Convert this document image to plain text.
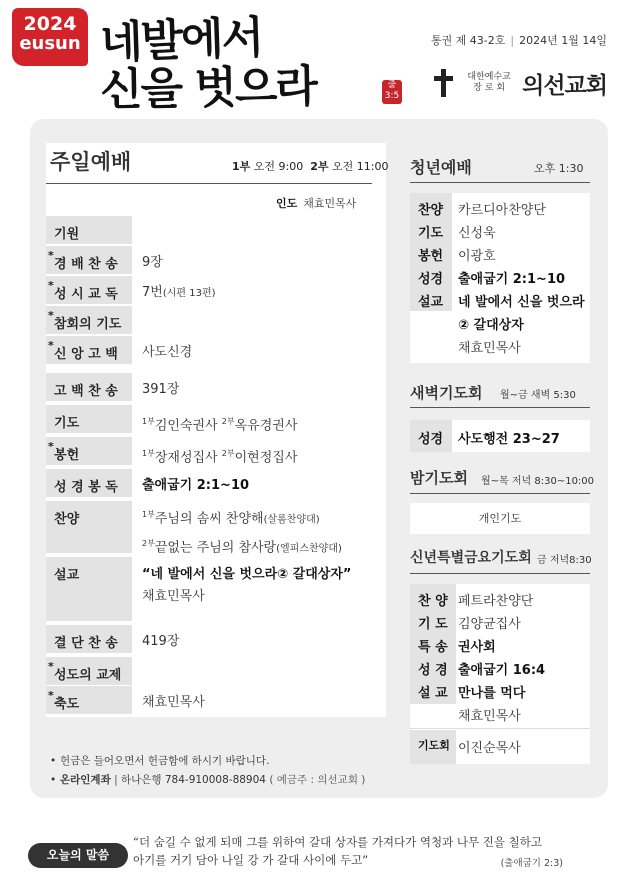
2024
eusun 네발에서
신을 벗으라	출3:5
통권 제 43-2호 | 2024년 1월 14일
대한예수교
장 로 회 의선교회
주일예배	1부 오전 9:00 2부 오전 11:00
인도 채효민목사
기원
*
경 배 찬 송	9장
*
성 시 교 독	7번(시편 13편)
*
참회의 기도
*
신 앙 고 백	사도신경
고 백 찬 송	391장
기도	$^{1부}$김인숙권사 $^{2부}$옥유경권사
*
봉헌	$^{1부}$장재성집사 $^{2부}$이현정집사
성 경 봉 독	출애굽기 2:1~10
찬양	$^{1부}$주님의 솜씨 찬양해(살롬찬양대)
$^{2부}$끝없는 주님의 참사랑(엘피스찬양대)
설교	“네 발에서 신을 벗으라② 갈대상자”
채효민목사
결 단 찬 송	419장
*
성도의 교제
*
축도	채효민목사
• 헌금은 들어오면서 헌금함에 하시기 바랍니다.
• 온라인계좌 | 하나은행 784-910008-88904 ( 예금주 : 의선교회 )
청년예배	오후 1:30
찬양 카르디아찬양단
기도 신성욱
봉헌 이광호
성경 출애굽기 2:1~10
설교 네 발에서 신을 벗으라
② 갈대상자
채효민목사
새벽기도회 월~금 새벽 5:30
성경 사도행전 23~27
밤기도회 월~목 저녁 8:30~10:00
개인기도
신년특별금요기도회 금 저녁8:30
찬 양 페트라찬양단
기 도 김양균집사
특 송 권사회
성 경 출애굽기 16:4
설 교 만나를 먹다
채효민목사
기도회 이진순목사
오늘의 말씀
“더 숨길 수 없게 되매 그를 위하여 갈대 상자를 가져다가 역청과 나무 진을 칠하고
아기를 거기 담아 나일 강 가 갈대 사이에 두고”	(출애굽기 2:3)
